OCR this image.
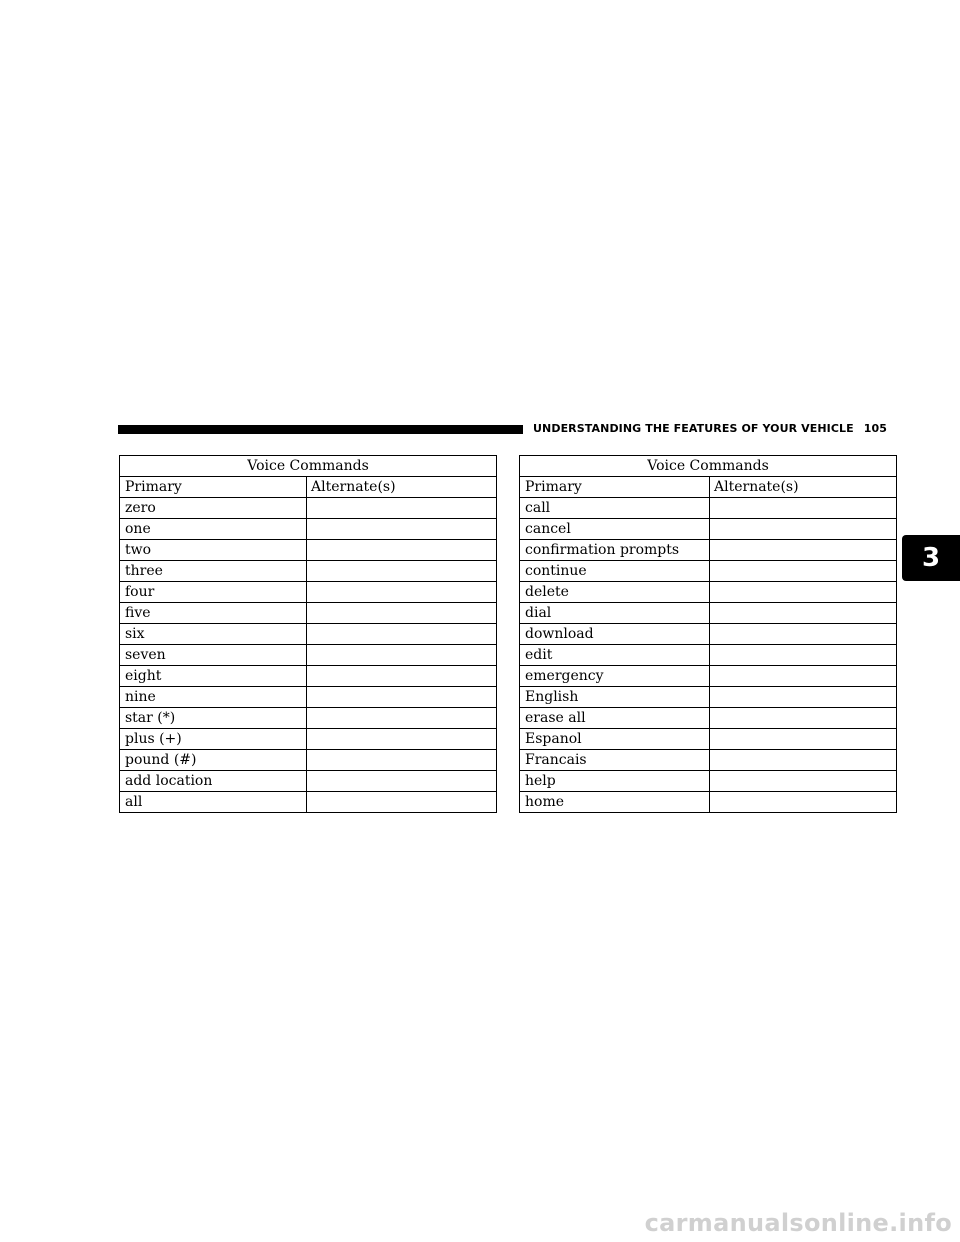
UNDERSTANDING THE FEATURES OF YOUR VEHICLE 105
Voice Commands	
Primary	Alternate(s)
zero	
one	
two	
three	
four	
five	
six	
seven	
eight	
nine	
star (*)	
plus (+)	
pound (#)	
add location	
all	
Voice Commands	
Primary	Alternate(s)
call	
cancel	
confirmation prompts	
continue	
delete	
dial	
download	
edit	
emergency	
English	
erase all	
Espanol	
Francais	
help	
home	
3
carmanualsonline.info
